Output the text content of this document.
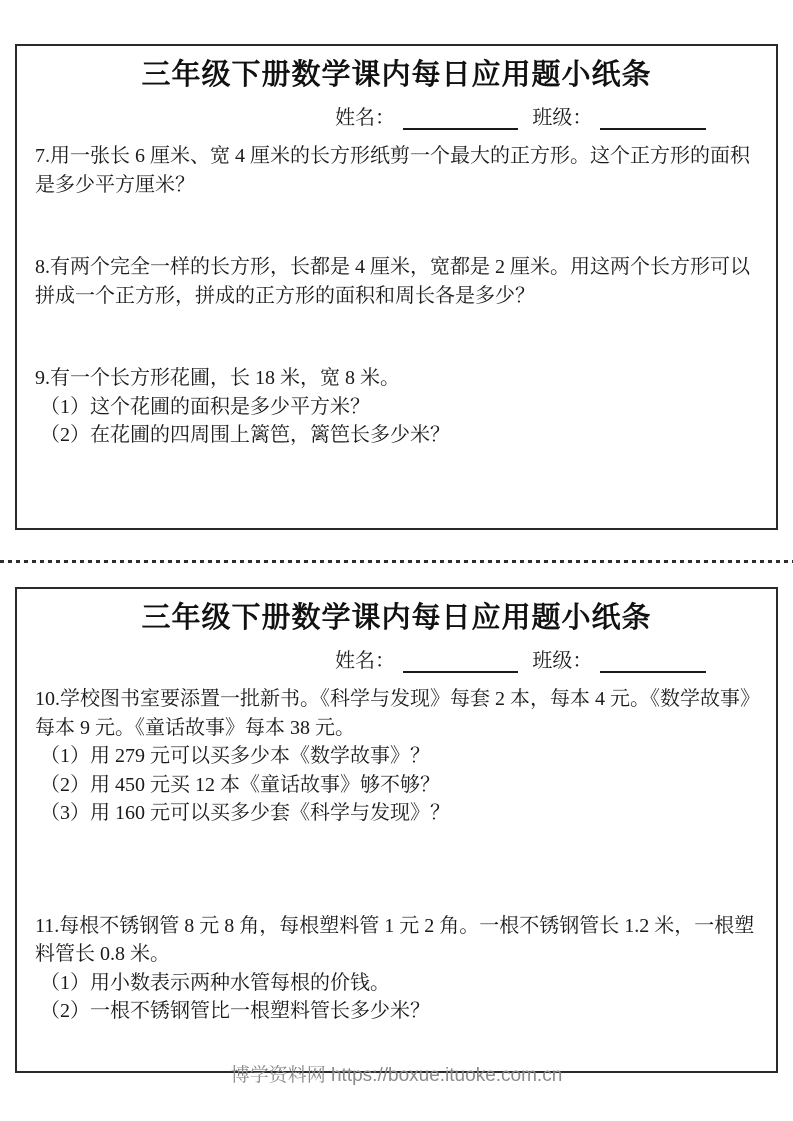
三年级下册数学课内每日应用题小纸条
姓名：	班级：
7.用一张长 6 厘米、宽 4 厘米的长方形纸剪一个最大的正方形。这个正方形的面积是多少平方厘米？
8.有两个完全一样的长方形，长都是 4 厘米，宽都是 2 厘米。用这两个长方形可以拼成一个正方形，拼成的正方形的面积和周长各是多少？
9.有一个长方形花圃，长 18 米，宽 8 米。
（1）这个花圃的面积是多少平方米？
（2）在花圃的四周围上篱笆，篱笆长多少米？
三年级下册数学课内每日应用题小纸条
姓名：	班级：
10.学校图书室要添置一批新书。《科学与发现》每套 2 本，每本 4 元。《数学故事》每本 9 元。《童话故事》每本 38 元。
（1）用 279 元可以买多少本《数学故事》？
（2）用 450 元买 12 本《童话故事》够不够？
（3）用 160 元可以买多少套《科学与发现》？
11.每根不锈钢管 8 元 8 角，每根塑料管 1 元 2 角。一根不锈钢管长 1.2 米，一根塑料管长 0.8 米。
（1）用小数表示两种水管每根的价钱。
（2）一根不锈钢管比一根塑料管长多少米？
博学资料网 https://boxue.ituoke.com.cn
